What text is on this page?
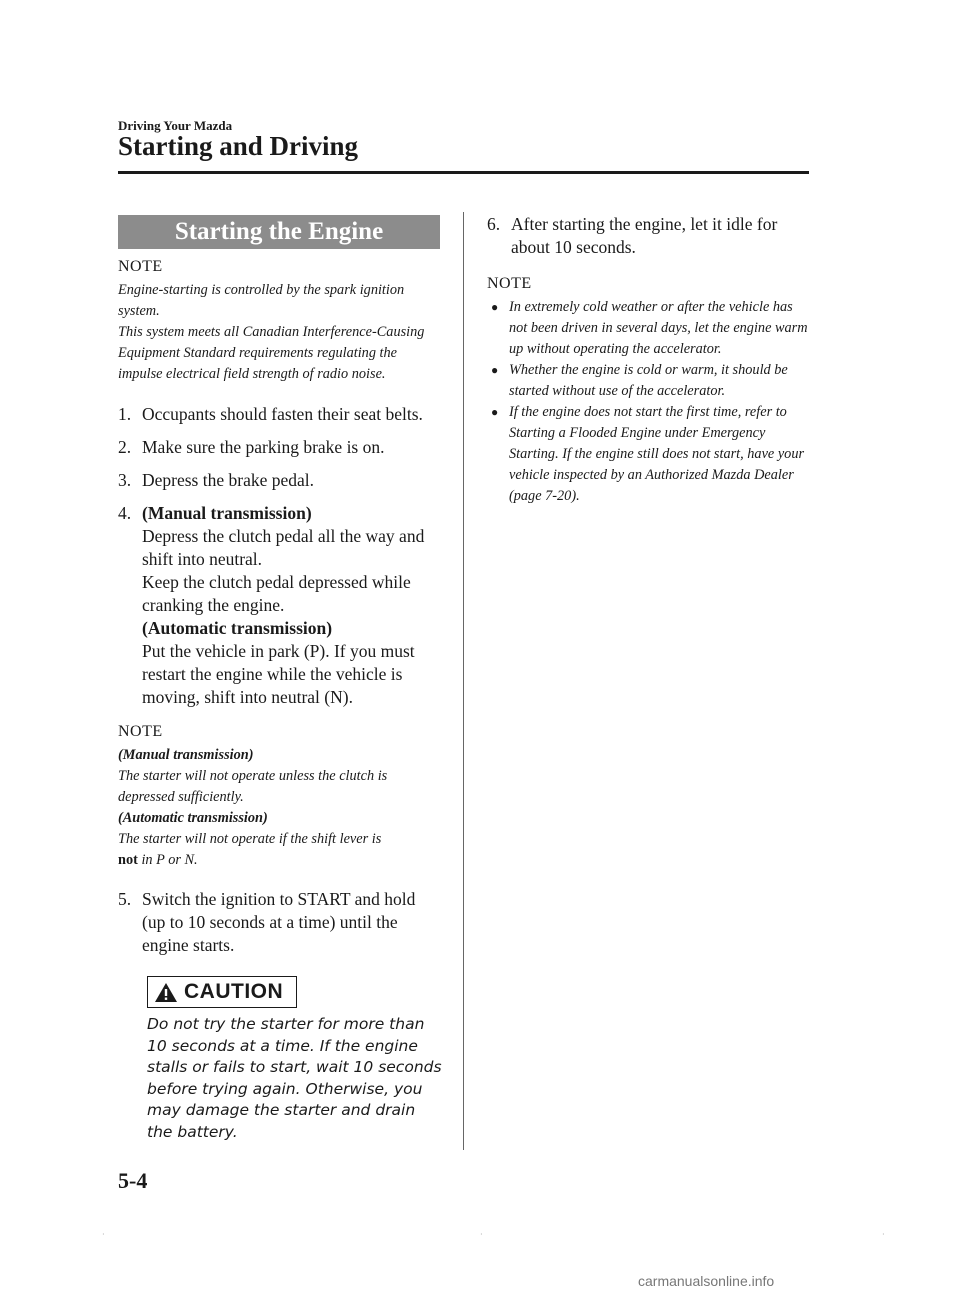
Driving Your Mazda
Starting and Driving
Starting the Engine

NOTE

Engine-starting is controlled by the spark ignition system.

This system meets all Canadian Interference-Causing Equipment Standard requirements regulating the impulse electrical field strength of radio noise.

1. Occupants should fasten their seat belts.

2. Make sure the parking brake is on.

3. Depress the brake pedal.

4. (Manual transmission)
Depress the clutch pedal all the way and shift into neutral.
Keep the clutch pedal depressed while cranking the engine.
(Automatic transmission)
Put the vehicle in park (P). If you must restart the engine while the vehicle is moving, shift into neutral (N).

NOTE

(Manual transmission)

The starter will not operate unless the clutch is depressed sufficiently.

(Automatic transmission)

The starter will not operate if the shift lever is
not in P or N.

5. Switch the ignition to START and hold (up to 10 seconds at a time) until the engine starts.

CAUTION

Do not try the starter for more than 10 seconds at a time. If the engine stalls or fails to start, wait 10 seconds before trying again. Otherwise, you may damage the starter and drain the battery.

6. After starting the engine, let it idle for about 10 seconds.

NOTE

● In extremely cold weather or after the vehicle has not been driven in several days, let the engine warm up without operating the accelerator.

● Whether the engine is cold or warm, it should be started without use of the accelerator.

● If the engine does not start the first time, refer to Starting a Flooded Engine under Emergency Starting. If the engine still does not start, have your vehicle inspected by an Authorized Mazda Dealer (page 7-20).

5-4
·	·	·
carmanualsonline.info
